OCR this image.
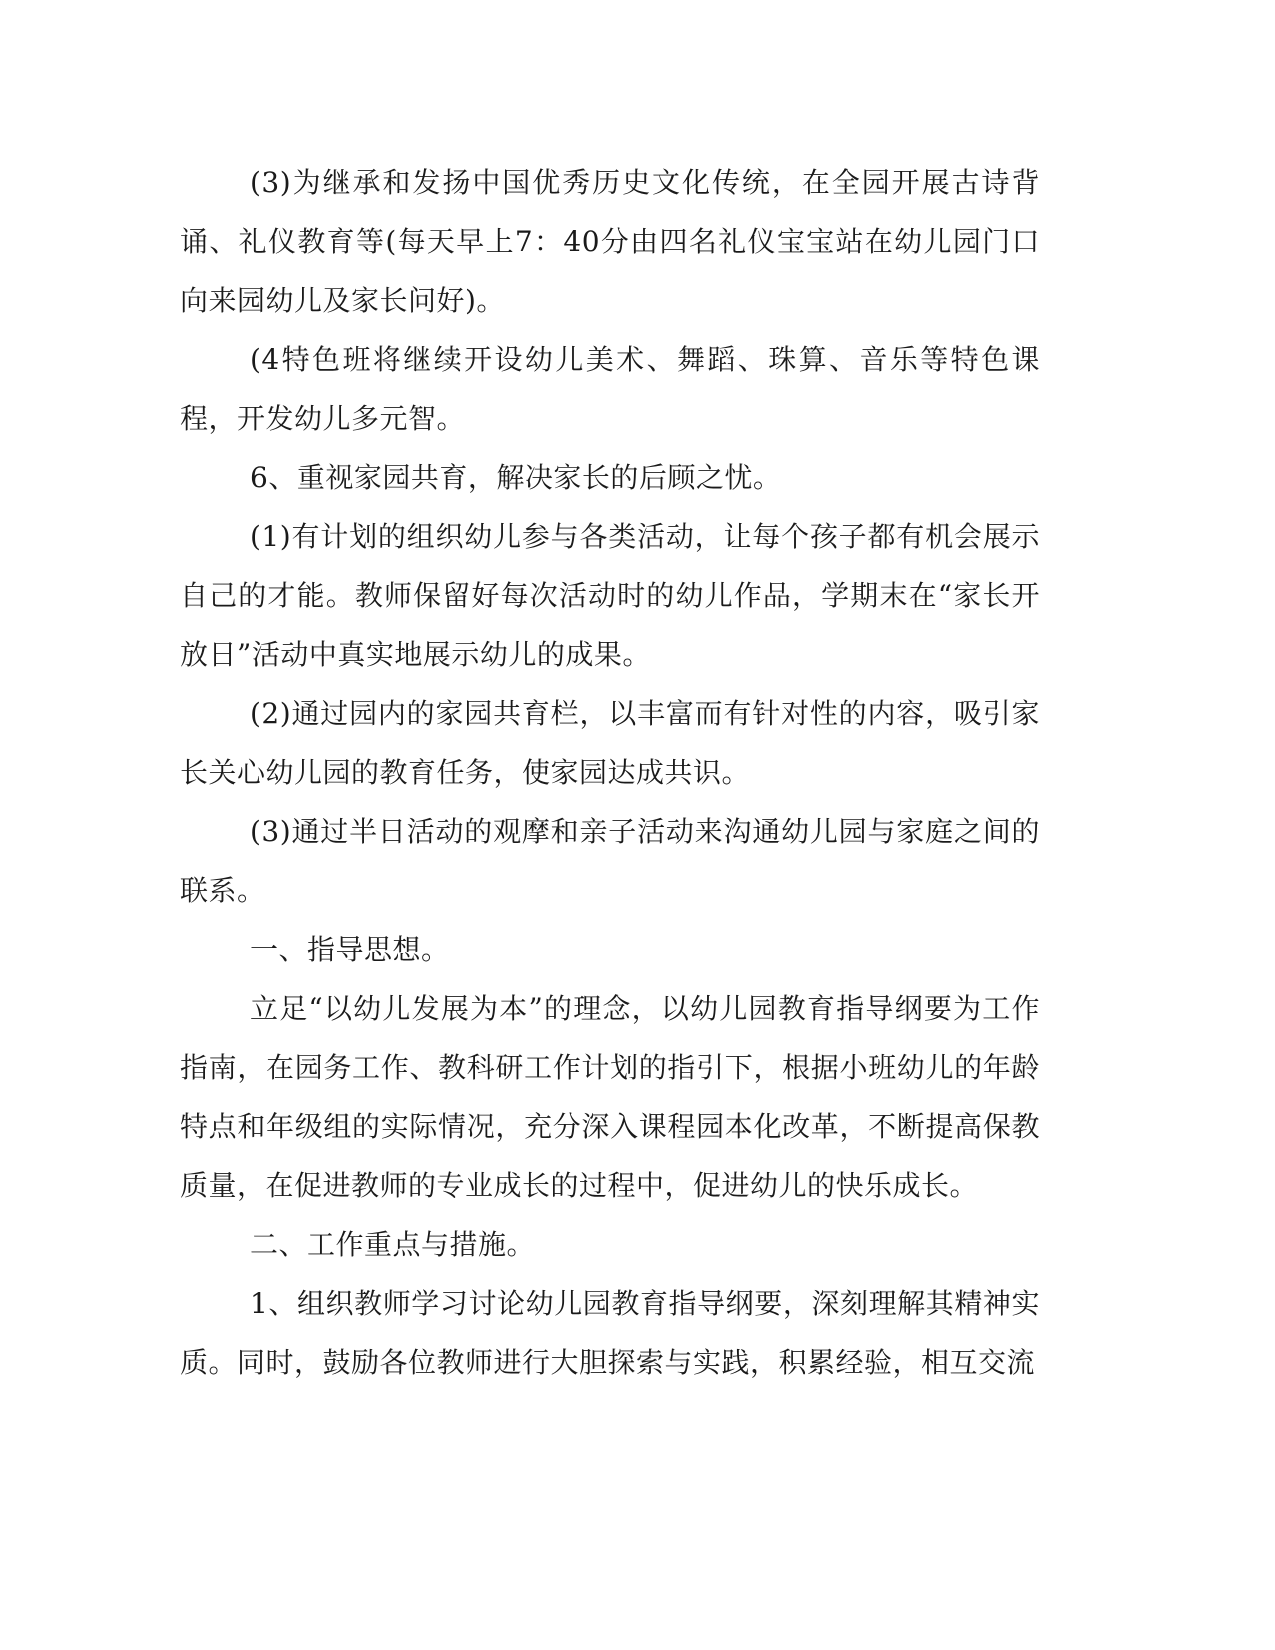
(3)为继承和发扬中国优秀历史文化传统，在全园开展古诗背诵、礼仪教育等(每天早上7：40分由四名礼仪宝宝站在幼儿园门口向来园幼儿及家长问好)。

(4特色班将继续开设幼儿美术、舞蹈、珠算、音乐等特色课程，开发幼儿多元智。

6、重视家园共育，解决家长的后顾之忧。

(1)有计划的组织幼儿参与各类活动，让每个孩子都有机会展示自己的才能。教师保留好每次活动时的幼儿作品，学期末在“家长开放日”活动中真实地展示幼儿的成果。

(2)通过园内的家园共育栏，以丰富而有针对性的内容，吸引家长关心幼儿园的教育任务，使家园达成共识。

(3)通过半日活动的观摩和亲子活动来沟通幼儿园与家庭之间的联系。

一、指导思想。

立足“以幼儿发展为本”的理念，以幼儿园教育指导纲要为工作指南，在园务工作、教科研工作计划的指引下，根据小班幼儿的年龄特点和年级组的实际情况，充分深入课程园本化改革，不断提高保教质量，在促进教师的专业成长的过程中，促进幼儿的快乐成长。

二、工作重点与措施。

1、组织教师学习讨论幼儿园教育指导纲要，深刻理解其精神实质。同时，鼓励各位教师进行大胆探索与实践，积累经验，相互交流
